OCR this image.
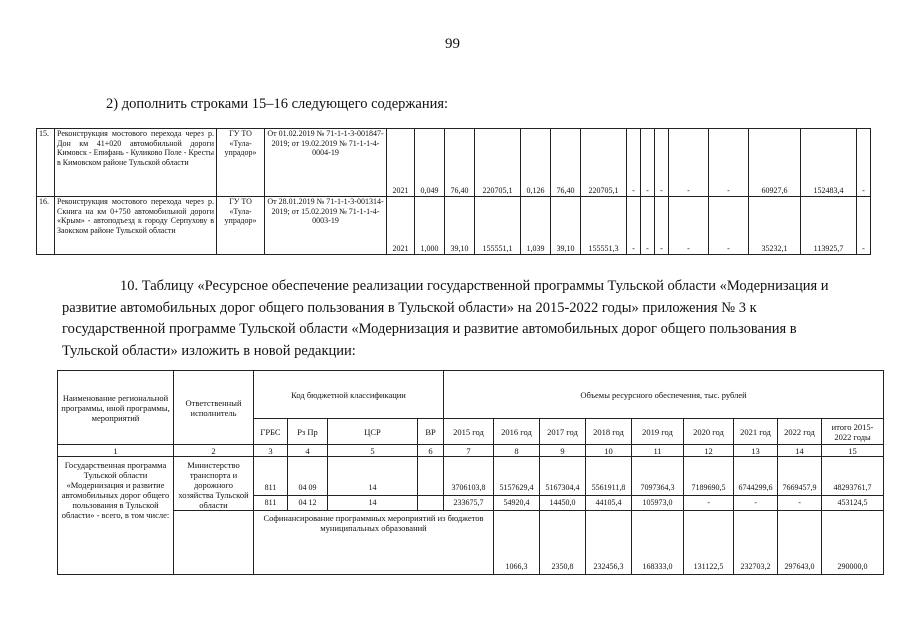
99
2) дополнить строками 15–16 следующего содержания:
15.	Реконструкция мостового перехода через р. Дон км 41+020 автомобильной дороги Кимовск - Епифань - Куликово Поле - Кресты в Кимовском районе Тульской области	ГУ ТО «Тула-упрадор»	От 01.02.2019 № 71-1-1-3-001847-2019; от 19.02.2019 № 71-1-1-4-0004-19	2021	0,049	76,40	220705,1	0,126	76,40	220705,1	-	-	-	-	-	60927,6	152483,4	-
16.	Реконструкция мостового перехода через р. Скнига на км 0+750 автомобильной дороги «Крым» - автоподъезд к городу Серпухову в Заокском районе Тульской области	ГУ ТО «Тула-упрадор»	От 28.01.2019 № 71-1-1-3-001314-2019; от 15.02.2019 № 71-1-1-4-0003-19	2021	1,000	39,10	155551,1	1,039	39,10	155551,3	-	-	-	-	-	35232,1	113925,7	-
10. Таблицу «Ресурсное обеспечение реализации государственной программы Тульской области «Модернизация и
развитие автомобильных дорог общего пользования в Тульской области» на 2015-2022 годы» приложения № 3 к
государственной программе Тульской области «Модернизация и развитие автомобильных дорог общего пользования в
Тульской области» изложить в новой редакции:
Наименование региональной программы, иной программы, мероприятий	Ответственный исполнитель	Код бюджетной классификации				Объемы ресурсного обеспечения, тыс. рублей									
		ГРБС	Рз Пр	ЦСР	ВР	2015 год	2016 год	2017 год	2018 год	2019 год	2020 год	2021 год	2022 год	итого 2015-2022 годы	
1	2	3	4	5	6	7	8	9	10	11	12	13	14	15	
Государственная программа Тульской области «Модернизация и развитие автомобильных дорог общего пользования в Тульской области» - всего, в том числе:	Министерство транспорта и дорожного хозяйства Тульской области	811	04 09	14		3706103,8	5157629,4	5167304,4	5561911,8	7097364,3	7189690,5	6744299,6	7669457,9	48293761,7	
		811	04 12	14		233675,7	54920,4	14450,0	44105,4	105973,0	-	-	-	453124,5	
		Софинансирование программных мероприятий из бюджетов муниципальных образований					1066,3	2350,8	232456,3	168333,0	131122,5	232703,2	297643,0	290000,0	
